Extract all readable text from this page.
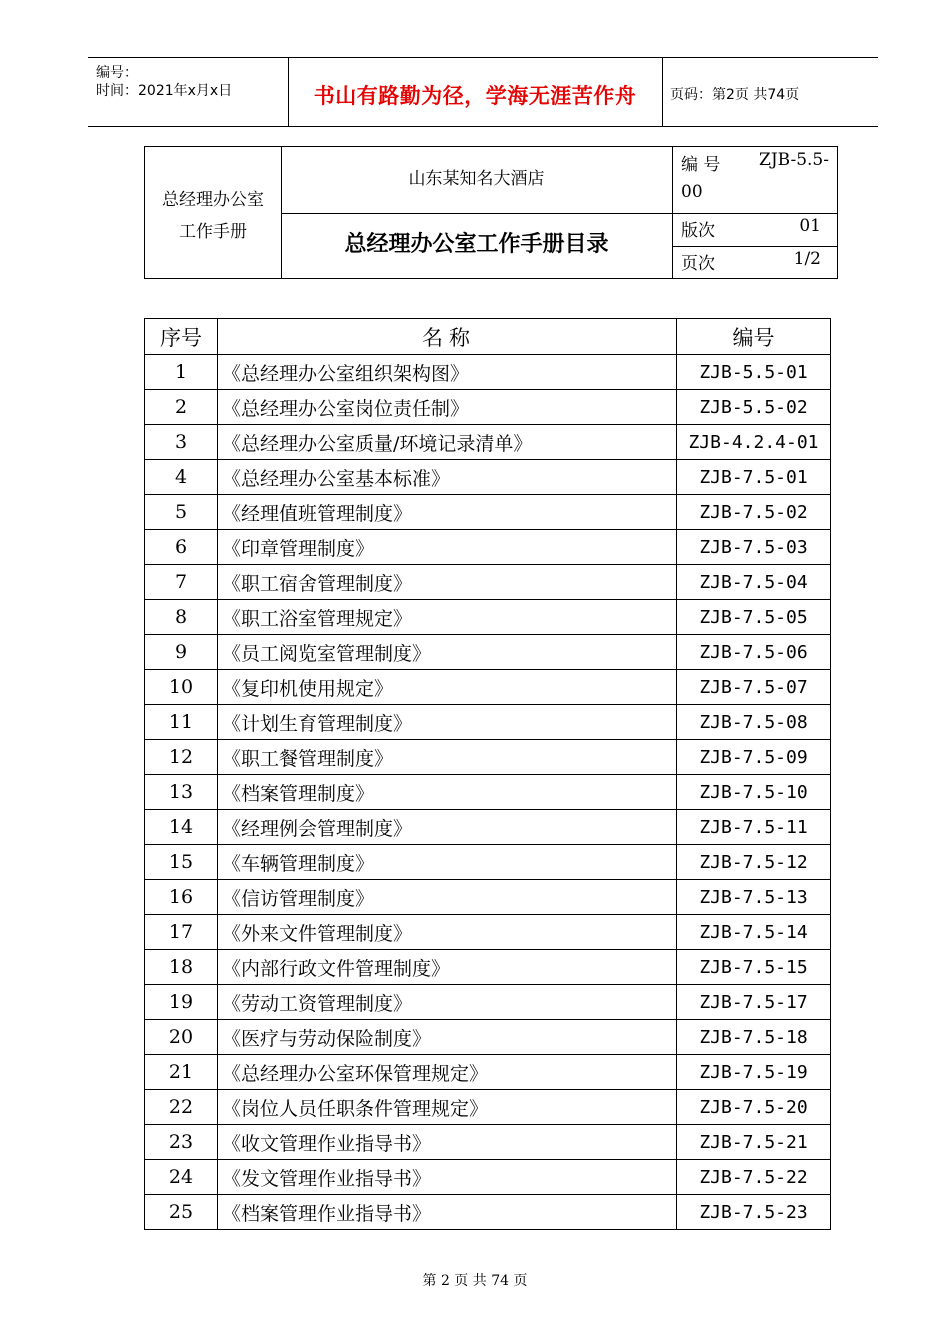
编号：
时间：2021年x月x日	书山有路勤为径，学海无涯苦作舟	页码：第2页 共74页
总经理办公室
工作手册
山东某知名大酒店
总经理办公室工作手册目录
编 号 ZJB-5.5-
00
版次	01
页次	1/2
序号	名称	编号
1	《总经理办公室组织架构图》	ZJB-5.5-01
2	《总经理办公室岗位责任制》	ZJB-5.5-02
3	《总经理办公室质量/环境记录清单》	ZJB-4.2.4-01
4	《总经理办公室基本标准》	ZJB-7.5-01
5	《经理值班管理制度》	ZJB-7.5-02
6	《印章管理制度》	ZJB-7.5-03
7	《职工宿舍管理制度》	ZJB-7.5-04
8	《职工浴室管理规定》	ZJB-7.5-05
9	《员工阅览室管理制度》	ZJB-7.5-06
10	《复印机使用规定》	ZJB-7.5-07
11	《计划生育管理制度》	ZJB-7.5-08
12	《职工餐管理制度》	ZJB-7.5-09
13	《档案管理制度》	ZJB-7.5-10
14	《经理例会管理制度》	ZJB-7.5-11
15	《车辆管理制度》	ZJB-7.5-12
16	《信访管理制度》	ZJB-7.5-13
17	《外来文件管理制度》	ZJB-7.5-14
18	《内部行政文件管理制度》	ZJB-7.5-15
19	《劳动工资管理制度》	ZJB-7.5-17
20	《医疗与劳动保险制度》	ZJB-7.5-18
21	《总经理办公室环保管理规定》	ZJB-7.5-19
22	《岗位人员任职条件管理规定》	ZJB-7.5-20
23	《收文管理作业指导书》	ZJB-7.5-21
24	《发文管理作业指导书》	ZJB-7.5-22
25	《档案管理作业指导书》	ZJB-7.5-23
第 2 页 共 74 页
